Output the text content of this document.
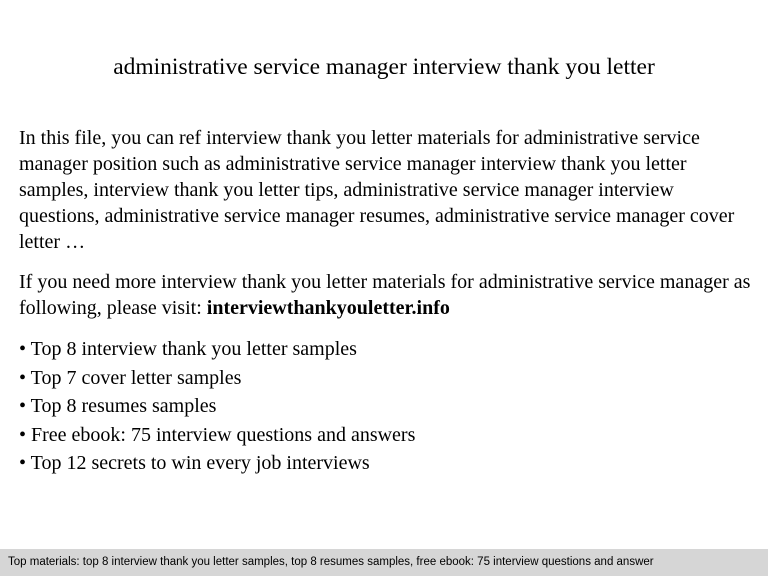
administrative service manager interview thank you letter

In this file, you can ref interview thank you letter materials for administrative service manager position such as administrative service manager interview thank you letter samples, interview thank you letter tips, administrative service manager interview questions, administrative service manager resumes, administrative service manager cover letter …

If you need more interview thank you letter materials for administrative service manager as following, please visit: interviewthankyouletter.info

• Top 8 interview thank you letter samples
• Top 7 cover letter samples
• Top 8 resumes samples
• Free ebook: 75 interview questions and answers
• Top 12 secrets to win every job interviews
Top materials: top 8 interview thank you letter samples, top 8 resumes samples, free ebook: 75 interview questions and answer
